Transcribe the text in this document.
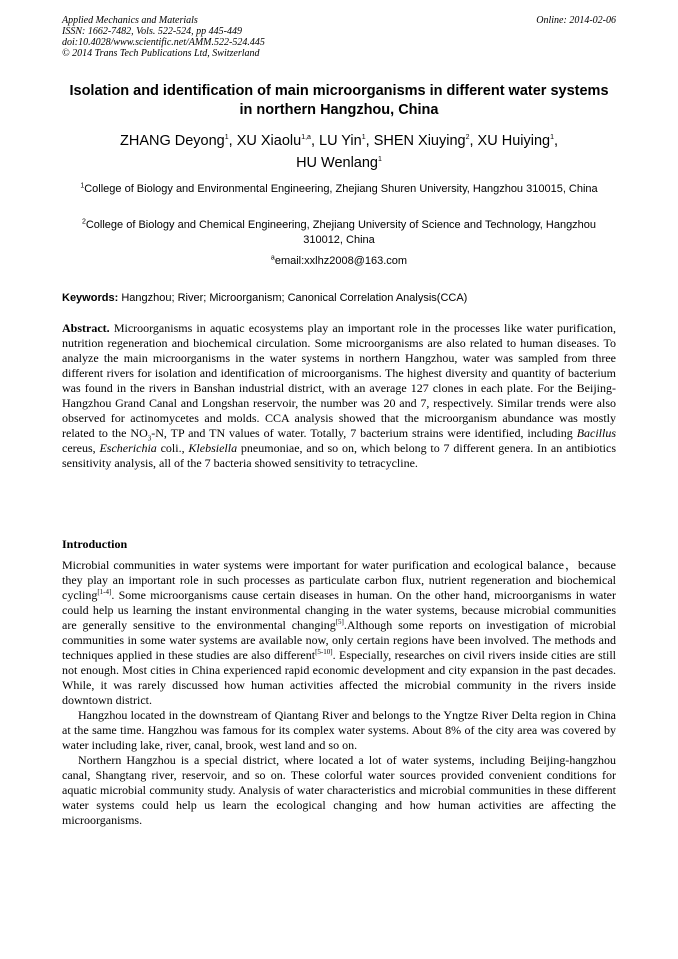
Applied Mechanics and Materials
ISSN: 1662-7482, Vols. 522-524, pp 445-449
doi:10.4028/www.scientific.net/AMM.522-524.445
© 2014 Trans Tech Publications Ltd, Switzerland
Online: 2014-02-06
Isolation and identification of main microorganisms in different water systems in northern Hangzhou, China
ZHANG Deyong$^1$, XU Xiaolu$^{1,a}$, LU Yin$^1$, SHEN Xiuying$^2$, XU Huiying$^1$,
HU Wenlang$^1$
$^1$College of Biology and Environmental Engineering, Zhejiang Shuren University, Hangzhou 310015, China
$^2$College of Biology and Chemical Engineering, Zhejiang University of Science and Technology, Hangzhou 310012, China
$^a$email:xxlhz2008@163.com
Keywords: Hangzhou; River; Microorganism; Canonical Correlation Analysis(CCA)
Abstract. Microorganisms in aquatic ecosystems play an important role in the processes like water purification, nutrition regeneration and biochemical circulation. Some microorganisms are also related to human diseases. To analyze the main microorganisms in the water systems in northern Hangzhou, water was sampled from three different rivers for isolation and identification of microorganisms. The highest diversity and quantity of bacterium was found in the rivers in Banshan industrial district, with an average 127 clones in each plate. For the Beijing-Hangzhou Grand Canal and Longshan reservoir, the number was 20 and 7, respectively. Similar trends were also observed for actinomycetes and molds. CCA analysis showed that the microorganism abundance was mostly related to the $NO_3-N$, TP and TN values of water. Totally, 7 bacterium strains were identified, including Bacillus cereus, Escherichia coli., Klebsiella pneumoniae, and so on, which belong to 7 different genera. In an antibiotics sensitivity analysis, all of the 7 bacteria showed sensitivity to tetracycline.
Introduction

Microbial communities in water systems were important for water purification and ecological balance，because they play an important role in such processes as particulate carbon flux, nutrient regeneration and biochemical cycling[1-4]. Some microorganisms cause certain diseases in human. On the other hand, microorganisms in water could help us learning the instant environmental changing in the water systems, because microbial communities are generally sensitive to the environmental changing[5].Although some reports on investigation of microbial communities in some water systems are available now, only certain regions have been involved. The methods and techniques applied in these studies are also different[5-10]. Especially, researches on civil rivers inside cities are still not enough. Most cities in China experienced rapid economic development and city expansion in the past decades. While, it was rarely discussed how human activities affected the microbial community in the rivers inside downtown district.

Hangzhou located in the downstream of Qiantang River and belongs to the Yngtze River Delta region in China at the same time. Hangzhou was famous for its complex water systems. About 8% of the city area was covered by water including lake, river, canal, brook, west land and so on.

Northern Hangzhou is a special district, where located a lot of water systems, including Beijing-hangzhou canal, Shangtang river, reservoir, and so on. These colorful water sources provided convenient conditions for aquatic microbial community study. Analysis of water characteristics and microbial communities in these different water systems could help us learn the ecological changing and how human activities are affecting the microorganisms.
